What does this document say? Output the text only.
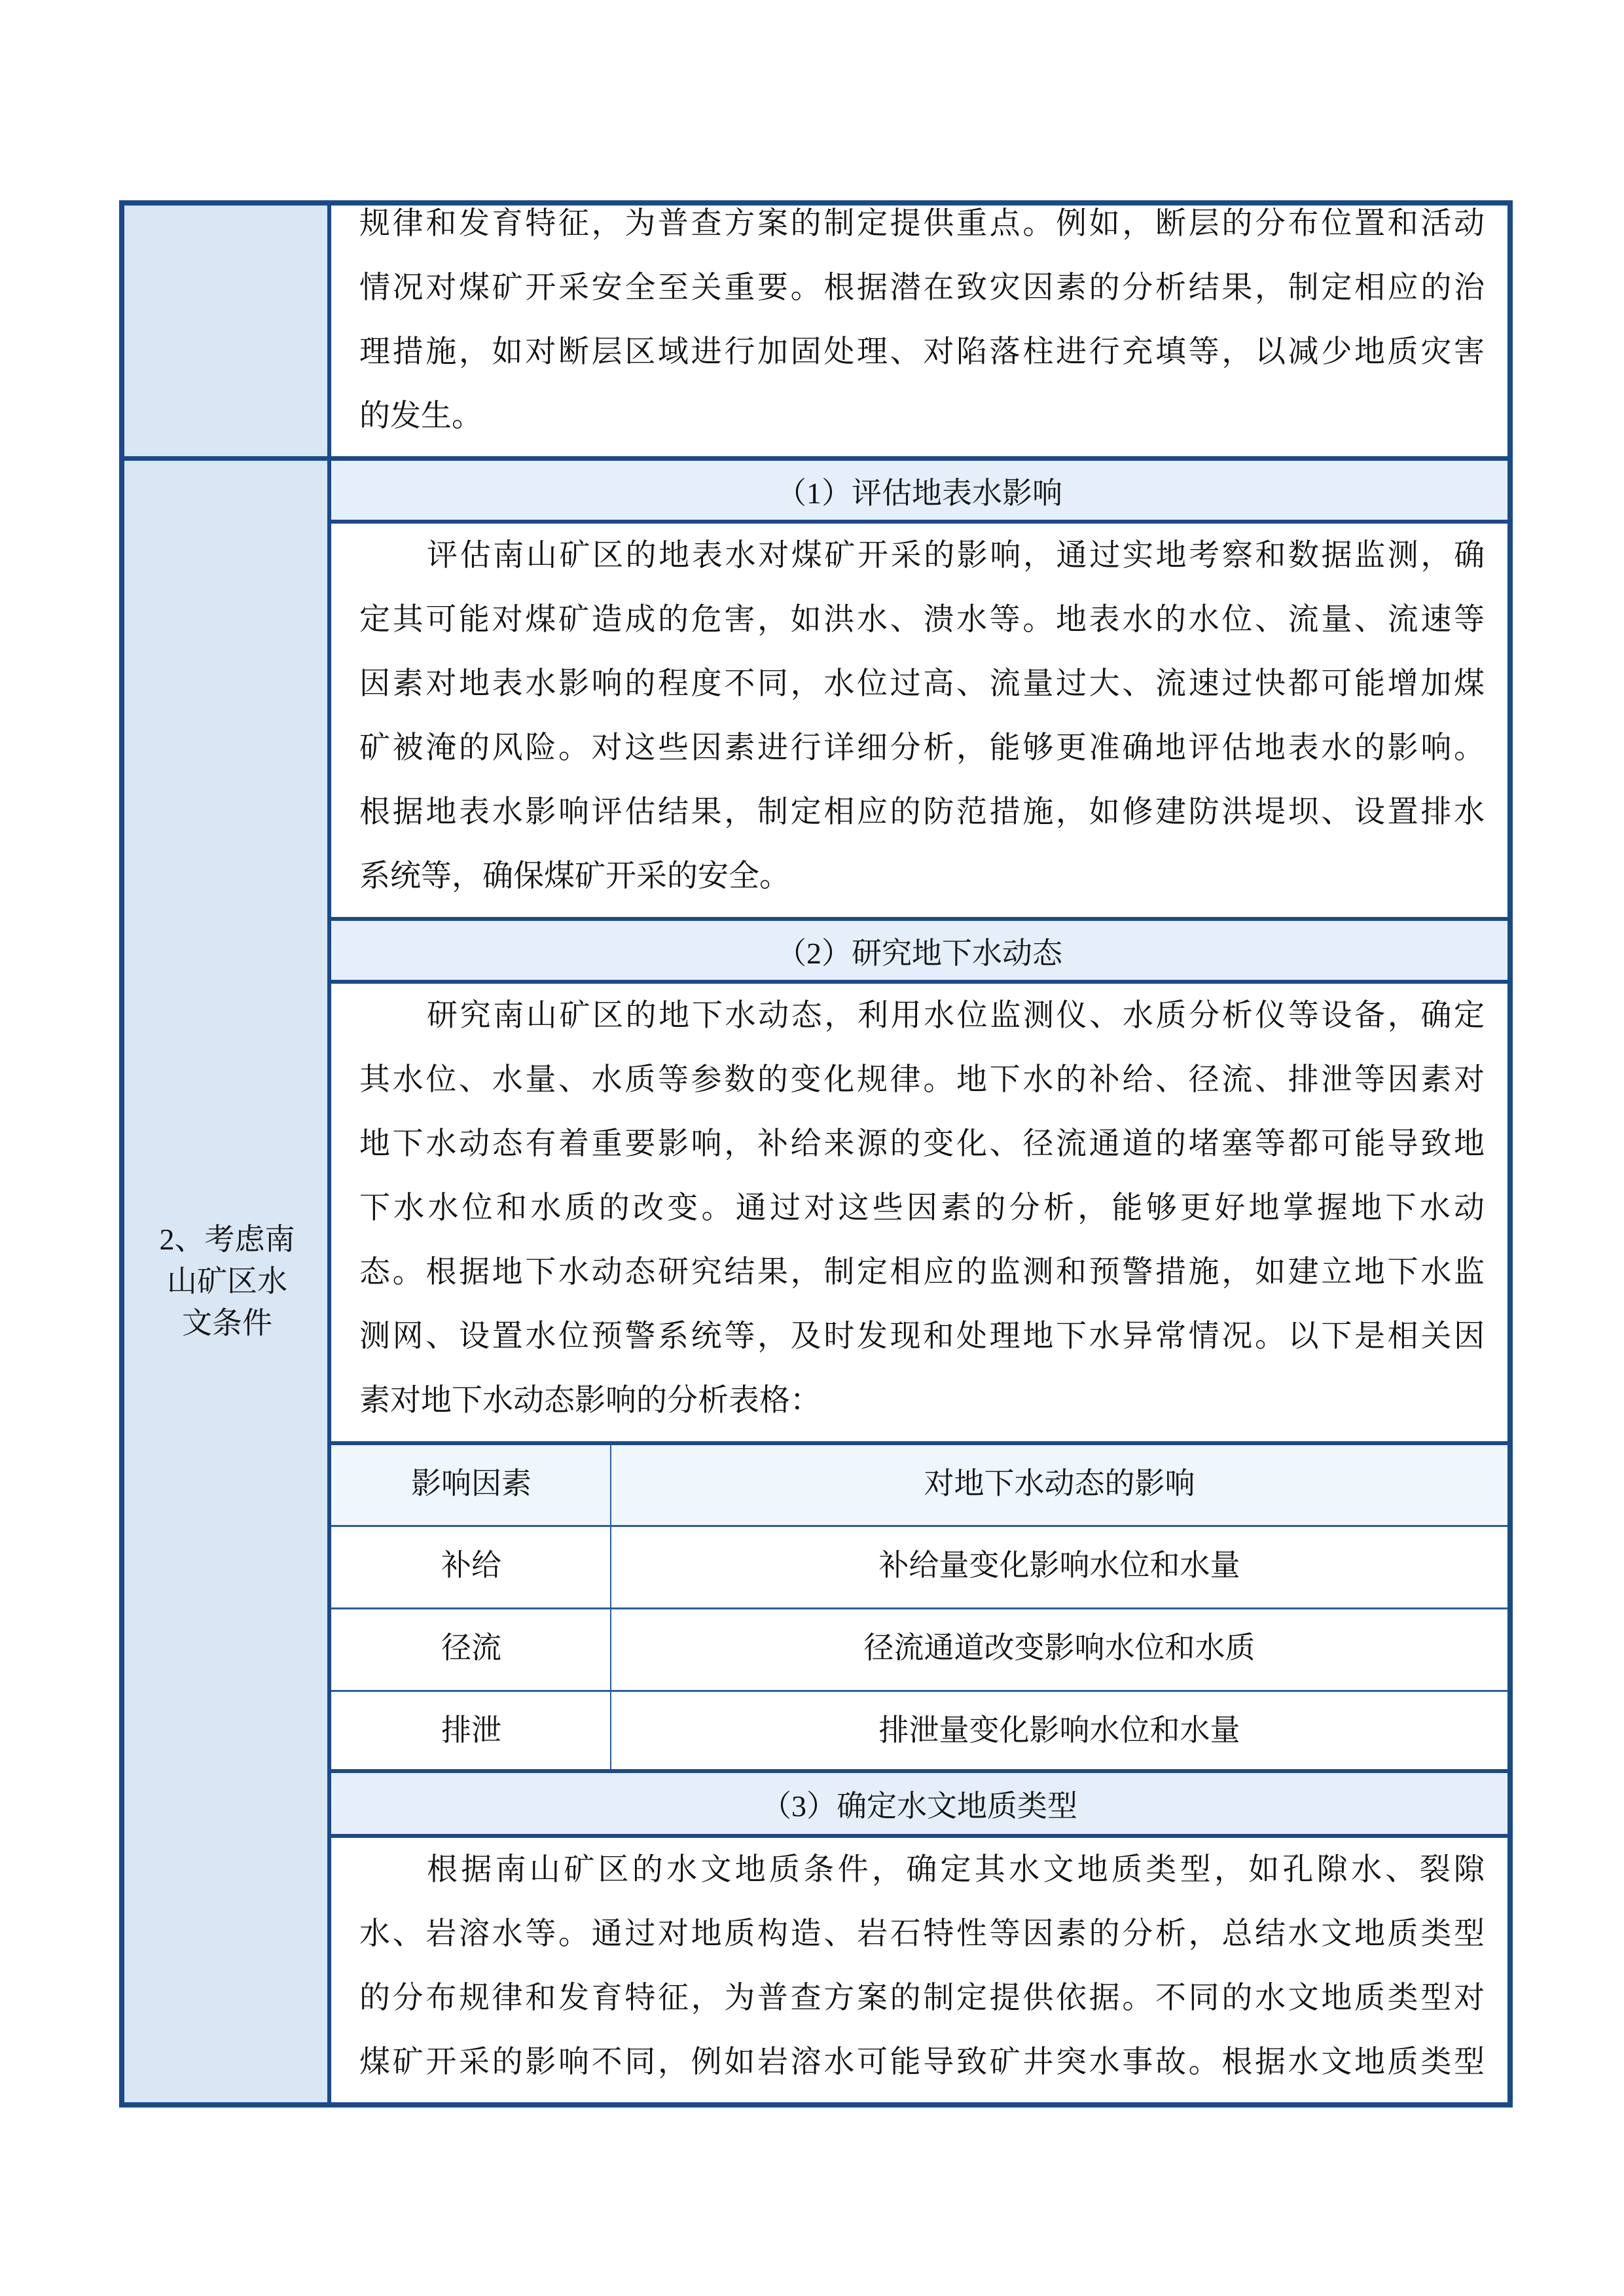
规律和发育特征，为普查方案的制定提供重点。例如，断层的分布位置和活动
情况对煤矿开采安全至关重要。根据潜在致灾因素的分析结果，制定相应的治
理措施，如对断层区域进行加固处理、对陷落柱进行充填等，以减少地质灾害
的发生。
2、考虑南
山矿区水
文条件
（1）评估地表水影响
评估南山矿区的地表水对煤矿开采的影响，通过实地考察和数据监测，确
定其可能对煤矿造成的危害，如洪水、溃水等。地表水的水位、流量、流速等
因素对地表水影响的程度不同，水位过高、流量过大、流速过快都可能增加煤
矿被淹的风险。对这些因素进行详细分析，能够更准确地评估地表水的影响。
根据地表水影响评估结果，制定相应的防范措施，如修建防洪堤坝、设置排水
系统等，确保煤矿开采的安全。
（2）研究地下水动态
研究南山矿区的地下水动态，利用水位监测仪、水质分析仪等设备，确定
其水位、水量、水质等参数的变化规律。地下水的补给、径流、排泄等因素对
地下水动态有着重要影响，补给来源的变化、径流通道的堵塞等都可能导致地
下水水位和水质的改变。通过对这些因素的分析，能够更好地掌握地下水动
态。根据地下水动态研究结果，制定相应的监测和预警措施，如建立地下水监
测网、设置水位预警系统等，及时发现和处理地下水异常情况。以下是相关因
素对地下水动态影响的分析表格：
影响因素	对地下水动态的影响
补给	补给量变化影响水位和水量
径流	径流通道改变影响水位和水质
排泄	排泄量变化影响水位和水量
（3）确定水文地质类型
根据南山矿区的水文地质条件，确定其水文地质类型，如孔隙水、裂隙
水、岩溶水等。通过对地质构造、岩石特性等因素的分析，总结水文地质类型
的分布规律和发育特征，为普查方案的制定提供依据。不同的水文地质类型对
煤矿开采的影响不同，例如岩溶水可能导致矿井突水事故。根据水文地质类型
